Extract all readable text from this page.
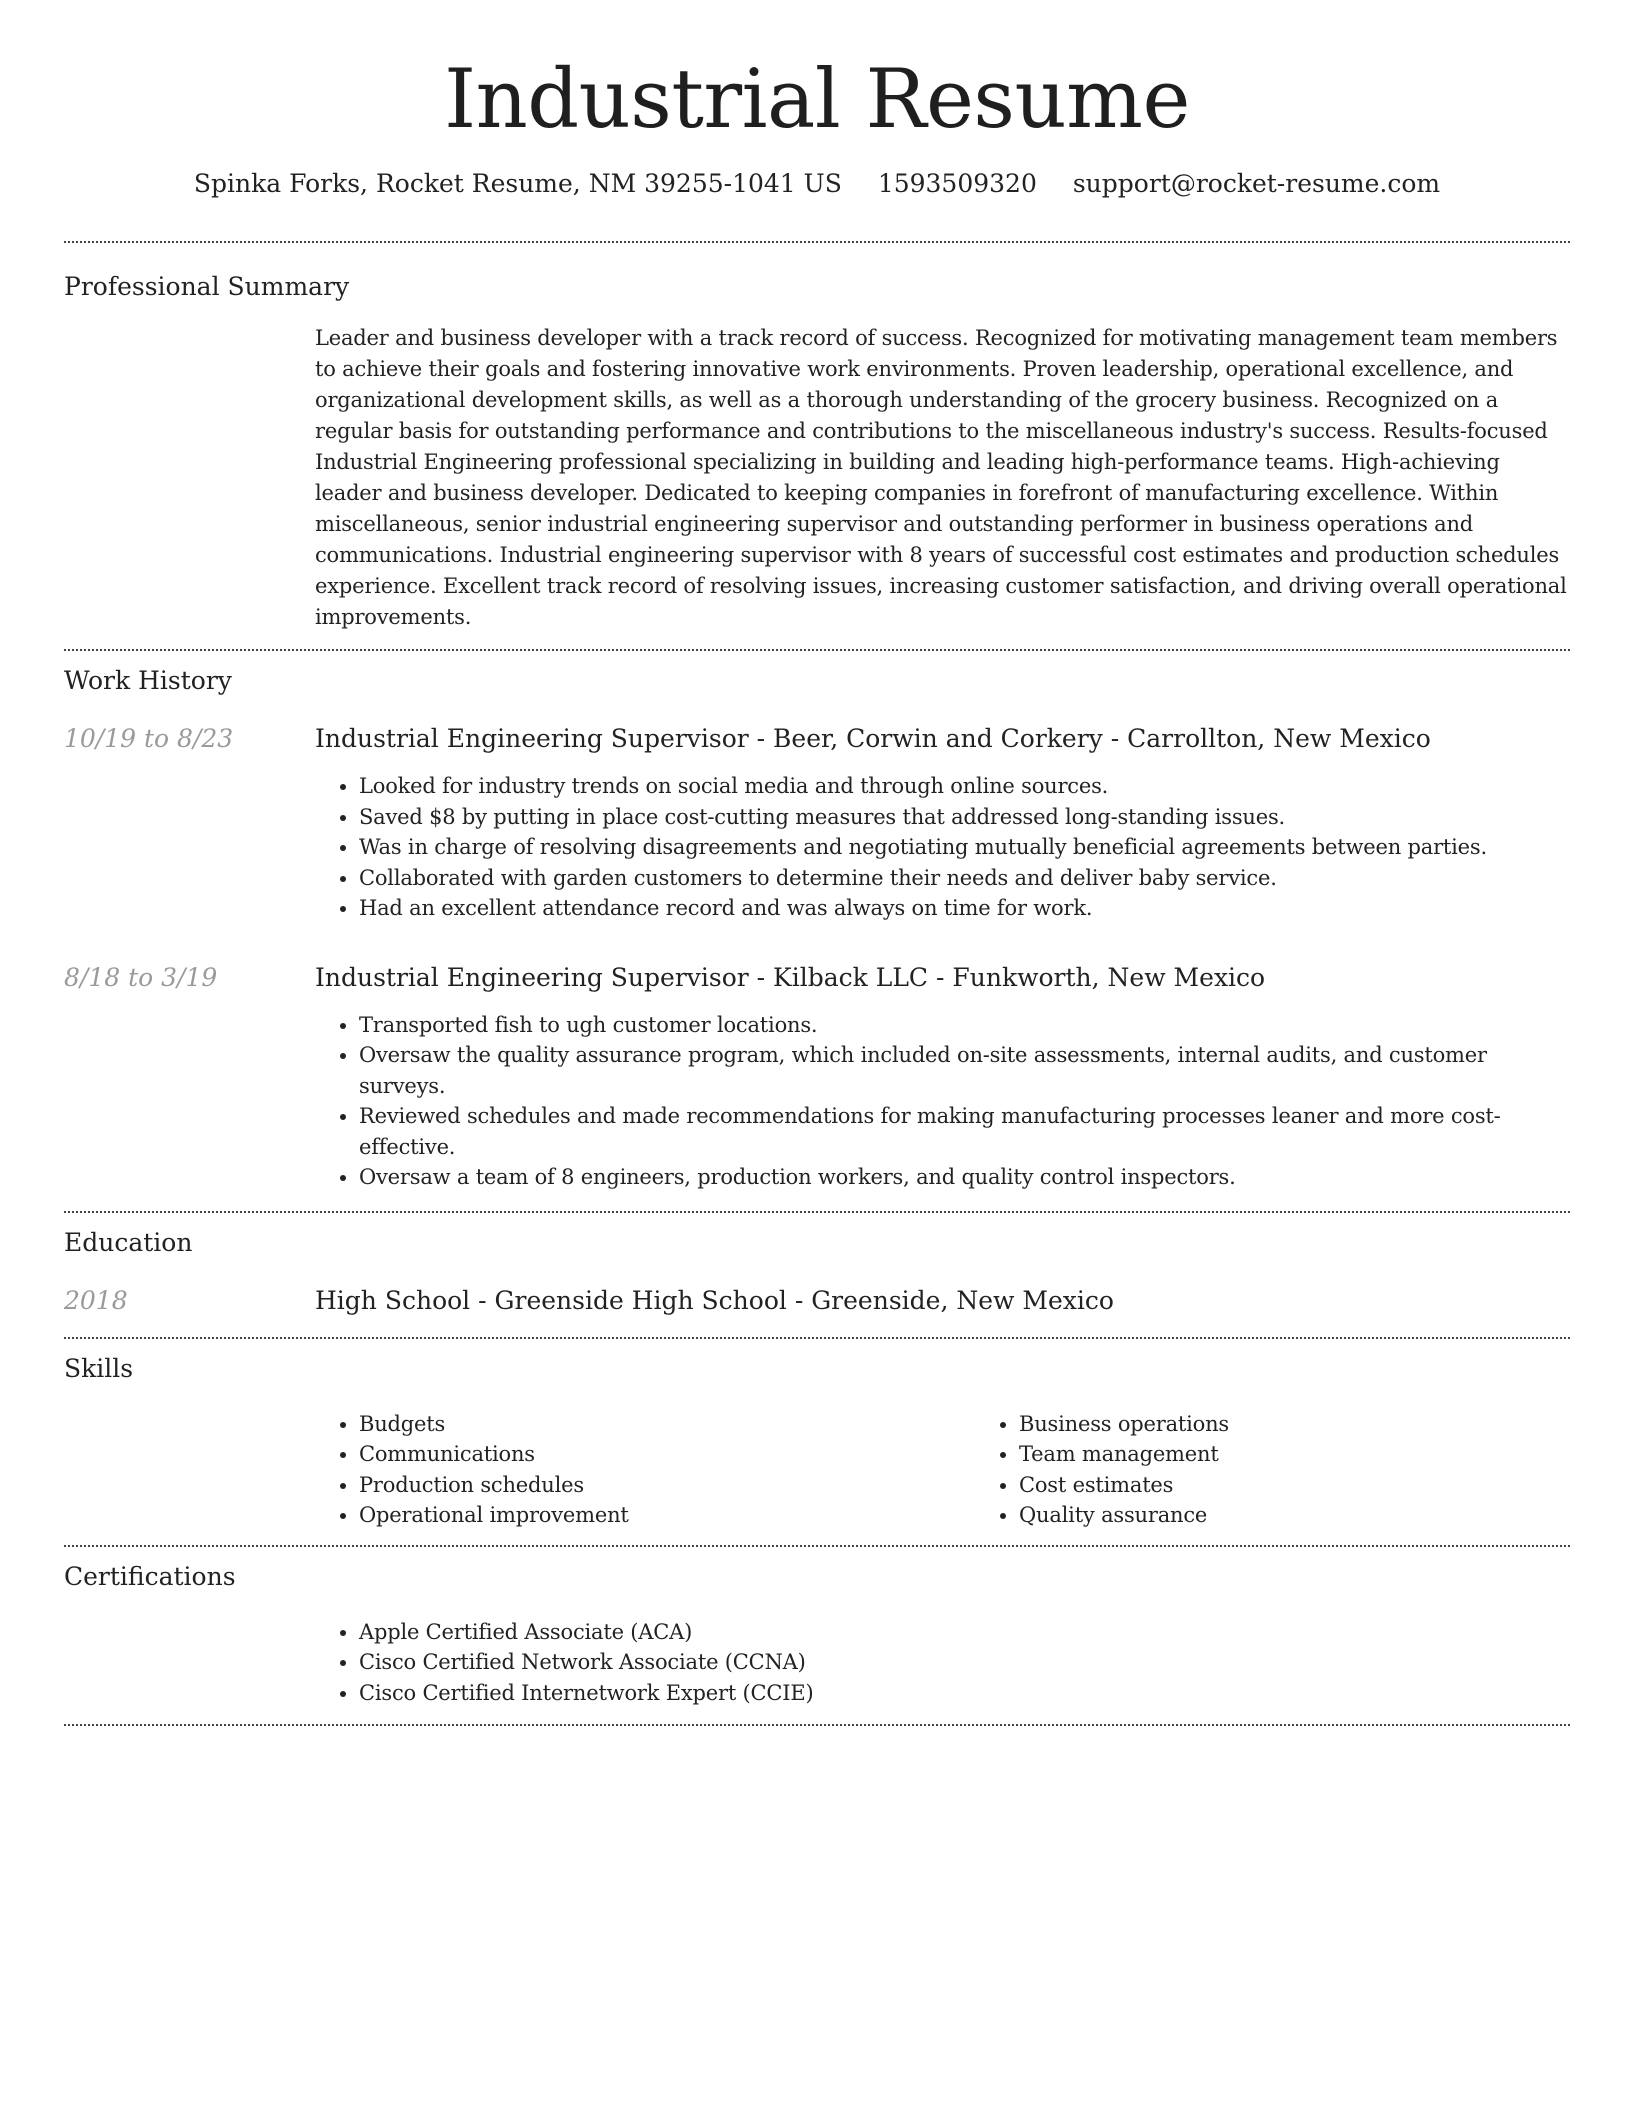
Industrial Resume
Spinka Forks, Rocket Resume, NM 39255-1041 US 1593509320 support@rocket-resume.com
Professional Summary

Leader and business developer with a track record of success. Recognized for motivating management team members to achieve their goals and fostering innovative work environments. Proven leadership, operational excellence, and organizational development skills, as well as a thorough understanding of the grocery business. Recognized on a regular basis for outstanding performance and contributions to the miscellaneous industry's success. Results-focused Industrial Engineering professional specializing in building and leading high-performance teams. High-achieving leader and business developer. Dedicated to keeping companies in forefront of manufacturing excellence. Within miscellaneous, senior industrial engineering supervisor and outstanding performer in business operations and communications. Industrial engineering supervisor with 8 years of successful cost estimates and production schedules experience. Excellent track record of resolving issues, increasing customer satisfaction, and driving overall operational improvements.

Work History
10/19 to 8/23	Industrial Engineering Supervisor - Beer, Corwin and Corkery - Carrollton, New Mexico

• Looked for industry trends on social media and through online sources.
• Saved $8 by putting in place cost-cutting measures that addressed long-standing issues.
• Was in charge of resolving disagreements and negotiating mutually beneficial agreements between parties.
• Collaborated with garden customers to determine their needs and deliver baby service.
• Had an excellent attendance record and was always on time for work.
8/18 to 3/19	Industrial Engineering Supervisor - Kilback LLC - Funkworth, New Mexico

• Transported fish to ugh customer locations.
• Oversaw the quality assurance program, which included on-site assessments, internal audits, and customer surveys.
• Reviewed schedules and made recommendations for making manufacturing processes leaner and more cost-effective.
• Oversaw a team of 8 engineers, production workers, and quality control inspectors.
Education
2018	High School - Greenside High School - Greenside, New Mexico

Skills
• Budgets
• Communications
• Production schedules
• Operational improvement
• Business operations
• Team management
• Cost estimates
• Quality assurance
Certifications
• Apple Certified Associate (ACA)
• Cisco Certified Network Associate (CCNA)
• Cisco Certified Internetwork Expert (CCIE)
